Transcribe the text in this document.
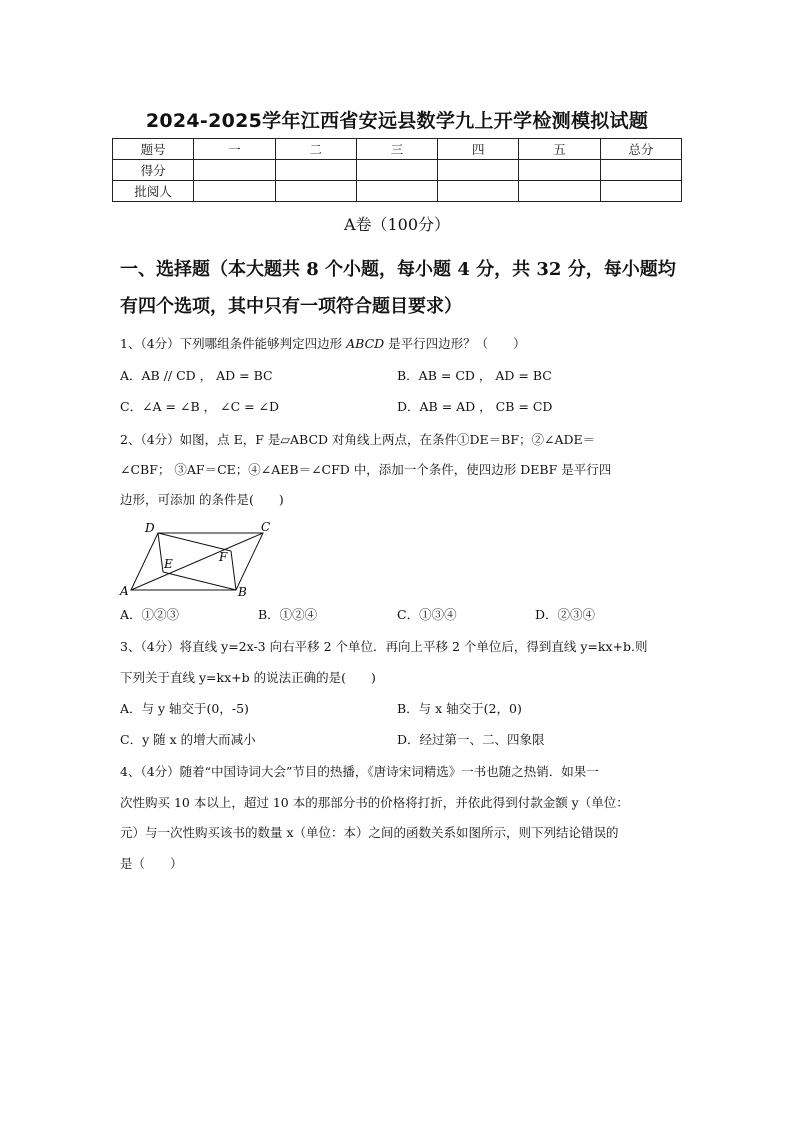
2024-2025学年江西省安远县数学九上开学检测模拟试题
题号	一	二	三	四	五	总分
得分						
批阅人						
A卷（100分）
一、选择题（本大题共 8 个小题，每小题 4 分，共 32 分，每小题均
有四个选项，其中只有一项符合题目要求）
1、（4分）下列哪组条件能够判定四边形 ABCD 是平行四边形？（　　）
A．AB // CD ， AD = BC	B．AB = CD ， AD = BC
C．∠A = ∠B ， ∠C = ∠D	D．AB = AD ， CB = CD
2、（4分）如图，点 E，F 是▱ABCD 对角线上两点，在条件①DE＝BF；②∠ADE＝
∠CBF； ③AF＝CE；④∠AEB＝∠CFD 中，添加一个条件，使四边形 DEBF 是平行四
边形，可添加 的条件是(　　)
A	B
C
D
E	F
A．①②③	B．①②④	C．①③④	D．②③④
3、（4分）将直线 y=2x-3 向右平移 2 个单位．再向上平移 2 个单位后，得到直线 y=kx+b.则
下列关于直线 y=kx+b 的说法正确的是(　　)
A．与 y 轴交于(0，-5)	B．与 x 轴交于(2，0)
C．y 随 x 的增大而减小	D．经过第一、二、四象限
4、（4分）随着“中国诗词大会”节目的热播，《唐诗宋词精选》一书也随之热销．如果一
次性购买 10 本以上，超过 10 本的那部分书的价格将打折，并依此得到付款金额 y（单位：
元）与一次性购买该书的数量 x（单位：本）之间的函数关系如图所示，则下列结论错误的
是（　　）
